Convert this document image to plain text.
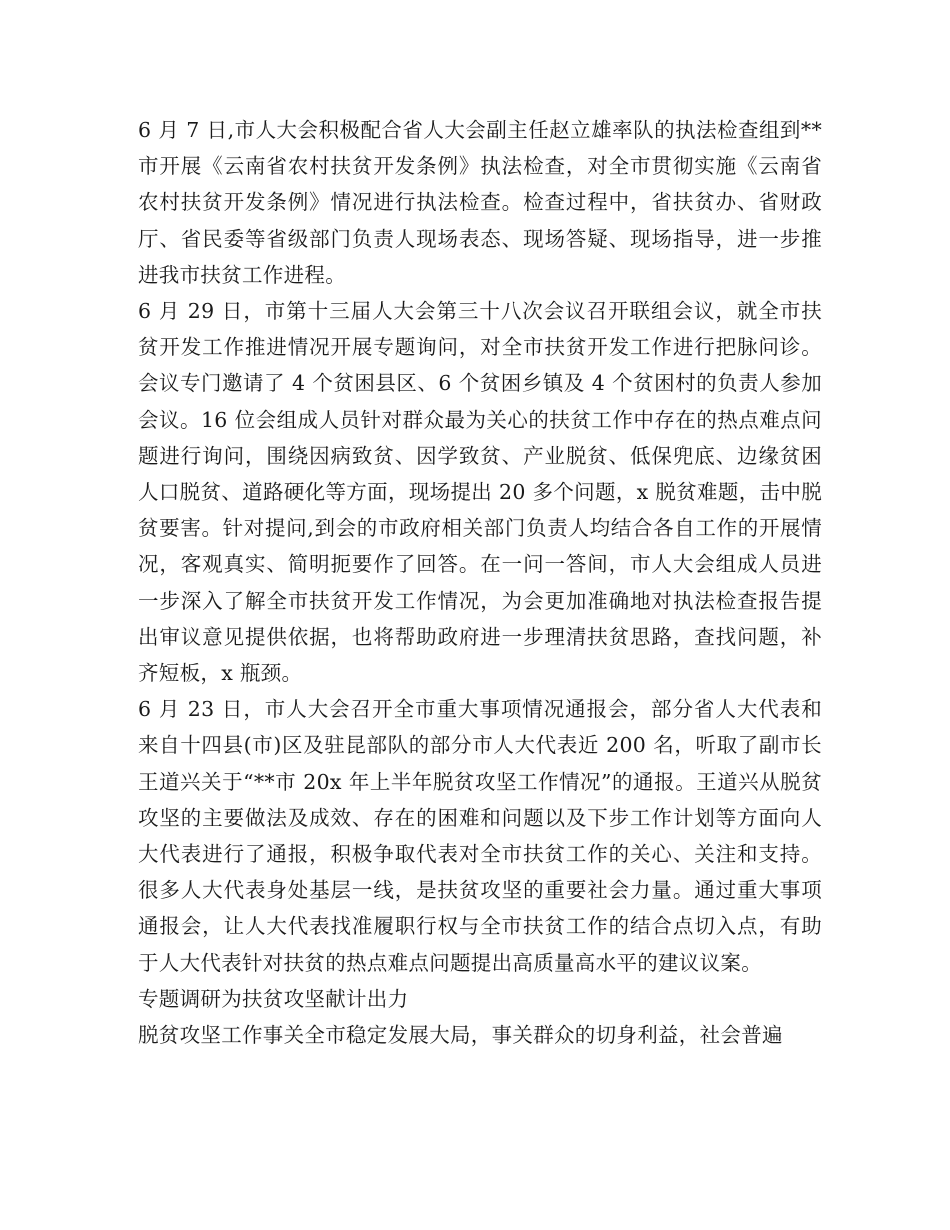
6 月 7 日,市人大会积极配合省人大会副主任赵立雄率队的执法检查组到**市开展《云南省农村扶贫开发条例》执法检查，对全市贯彻实施《云南省农村扶贫开发条例》情况进行执法检查。检查过程中，省扶贫办、省财政厅、省民委等省级部门负责人现场表态、现场答疑、现场指导，进一步推进我市扶贫工作进程。

6 月 29 日，市第十三届人大会第三十八次会议召开联组会议，就全市扶贫开发工作推进情况开展专题询问，对全市扶贫开发工作进行把脉问诊。会议专门邀请了 4 个贫困县区、6 个贫困乡镇及 4 个贫困村的负责人参加会议。16 位会组成人员针对群众最为关心的扶贫工作中存在的热点难点问题进行询问，围绕因病致贫、因学致贫、产业脱贫、低保兜底、边缘贫困人口脱贫、道路硬化等方面，现场提出 20 多个问题，x 脱贫难题，击中脱贫要害。针对提问,到会的市政府相关部门负责人均结合各自工作的开展情况，客观真实、简明扼要作了回答。在一问一答间，市人大会组成人员进一步深入了解全市扶贫开发工作情况，为会更加准确地对执法检查报告提出审议意见提供依据，也将帮助政府进一步理清扶贫思路，查找问题，补齐短板，x 瓶颈。

6 月 23 日，市人大会召开全市重大事项情况通报会，部分省人大代表和来自十四县(市)区及驻昆部队的部分市人大代表近 200 名，听取了副市长王道兴关于“**市 20x 年上半年脱贫攻坚工作情况”的通报。王道兴从脱贫攻坚的主要做法及成效、存在的困难和问题以及下步工作计划等方面向人大代表进行了通报，积极争取代表对全市扶贫工作的关心、关注和支持。很多人大代表身处基层一线，是扶贫攻坚的重要社会力量。通过重大事项通报会，让人大代表找准履职行权与全市扶贫工作的结合点切入点，有助于人大代表针对扶贫的热点难点问题提出高质量高水平的建议议案。

专题调研为扶贫攻坚献计出力

脱贫攻坚工作事关全市稳定发展大局，事关群众的切身利益，社会普遍
